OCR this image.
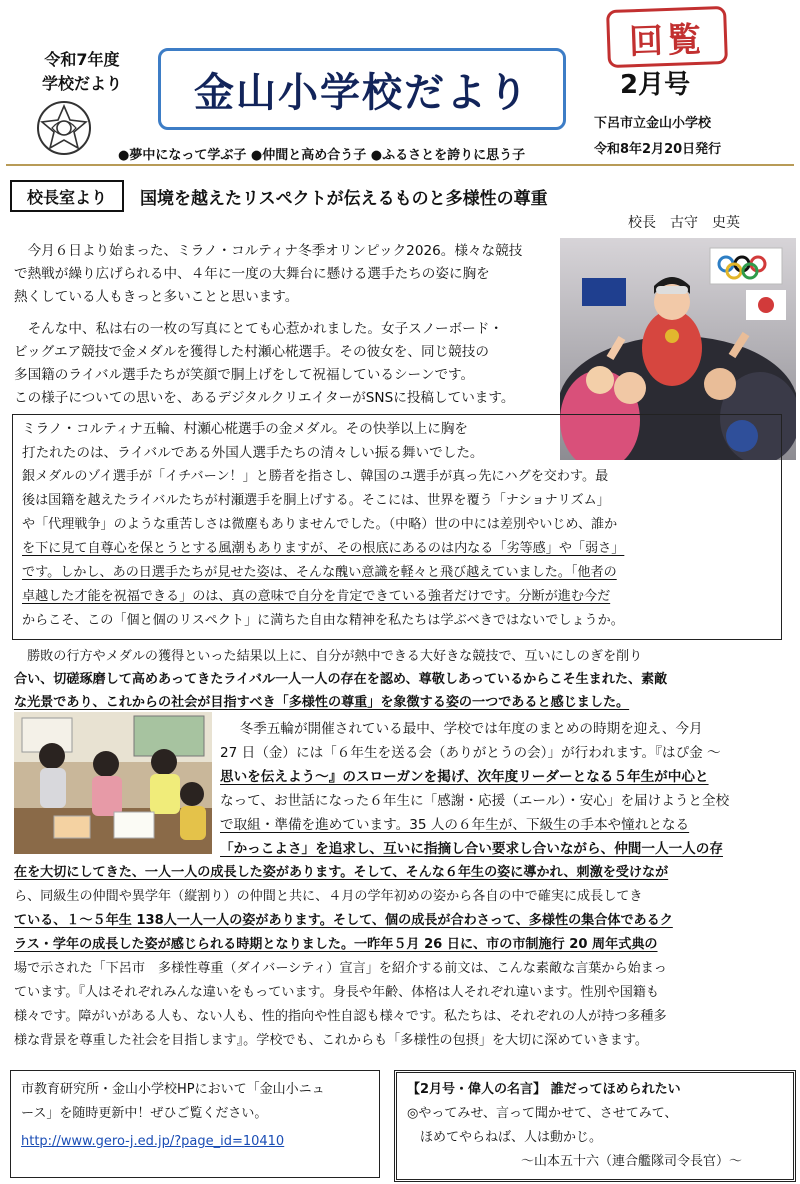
令和7年度
学校だより	金山小学校だより
●夢中になって学ぶ子 ●仲間と高め合う子 ●ふるさとを誇りに思う子
回覧
2月号
下呂市立金山小学校
令和8年2月20日発行
校長室より	国境を越えたリスペクトが伝えるものと多様性の尊重
校長　古守　史英
　今月６日より始まった、ミラノ・コルティナ冬季オリンピック2026。様々な競技
で熱戦が繰り広げられる中、４年に一度の大舞台に懸ける選手たちの姿に胸を
熱くしている人もきっと多いことと思います。
　そんな中、私は右の一枚の写真にとても心惹かれました。女子スノーボード・
ビッグエア競技で金メダルを獲得した村瀬心椛選手。その彼女を、同じ競技の
多国籍のライバル選手たちが笑顔で胴上げをして祝福しているシーンです。
この様子についての思いを、あるデジタルクリエイターがSNSに投稿しています。
ミラノ・コルティナ五輪、村瀬心椛選手の金メダル。その快挙以上に胸を
打たれたのは、ライバルである外国人選手たちの清々しい振る舞いでした。
銀メダルのゾイ選手が「イチバーン！」と勝者を指さし、韓国のユ選手が真っ先にハグを交わす。最
後は国籍を越えたライバルたちが村瀬選手を胴上げする。そこには、世界を覆う「ナショナリズム」
や「代理戦争」のような重苦しさは微塵もありませんでした。（中略）世の中には差別やいじめ、誰か
を下に見て自尊心を保とうとする風潮もありますが、その根底にあるのは内なる「劣等感」や「弱さ」
です。しかし、あの日選手たちが見せた姿は、そんな醜い意識を軽々と飛び越えていました。「他者の
卓越した才能を祝福できる」のは、真の意味で自分を肯定できている強者だけです。分断が進む今だ
からこそ、この「個と個のリスペクト」に満ちた自由な精神を私たちは学ぶべきではないでしょうか。
　勝敗の行方やメダルの獲得といった結果以上に、自分が熱中できる大好きな競技で、互いにしのぎを削り
合い、切磋琢磨して高めあってきたライバル一人一人の存在を認め、尊敬しあっているからこそ生まれた、素敵
な光景であり、これからの社会が目指すべき「多様性の尊重」を象徴する姿の一つであると感じました。
　冬季五輪が開催されている最中、学校では年度のまとめの時期を迎え、今月
27 日（金）には「６年生を送る会（ありがとうの会）」が行われます。『はぴ金 ～
思いを伝えよう～』のスローガンを掲げ、次年度リーダーとなる５年生が中心と
なって、お世話になった６年生に「感謝・応援（エール）・安心」を届けようと全校
で取組・準備を進めています。35 人の６年生が、下級生の手本や憧れとなる
「かっこよさ」を追求し、互いに指摘し合い要求し合いながら、仲間一人一人の存
在を大切にしてきた、一人一人の成長した姿があります。そして、そんな６年生の姿に導かれ、刺激を受けなが
ら、同級生の仲間や異学年（縦割り）の仲間と共に、４月の学年初めの姿から各自の中で確実に成長してき
ている、１～５年生 138人一人一人の姿があります。そして、個の成長が合わさって、多様性の集合体であるク
ラス・学年の成長した姿が感じられる時期となりました。一昨年５月 26 日に、市の市制施行 20 周年式典の
場で示された「下呂市　多様性尊重（ダイバーシティ）宣言」を紹介する前文は、こんな素敵な言葉から始まっ
ています。『人はそれぞれみんな違いをもっています。身長や年齢、体格は人それぞれ違います。性別や国籍も
様々です。障がいがある人も、ない人も、性的指向や性自認も様々です。私たちは、それぞれの人が持つ多種多
様な背景を尊重した社会を目指します』。学校でも、これからも「多様性の包摂」を大切に深めていきます。
市教育研究所・金山小学校HPにおいて「金山小ニュ
ース」を随時更新中！ぜひご覧ください。
http://www.gero-j.ed.jp/?page_id=10410
【2月号・偉人の名言】 誰だってほめられたい
◎やってみせ、言って聞かせて、させてみて、
　ほめてやらねば、人は動かじ。
～山本五十六（連合艦隊司令長官）～
